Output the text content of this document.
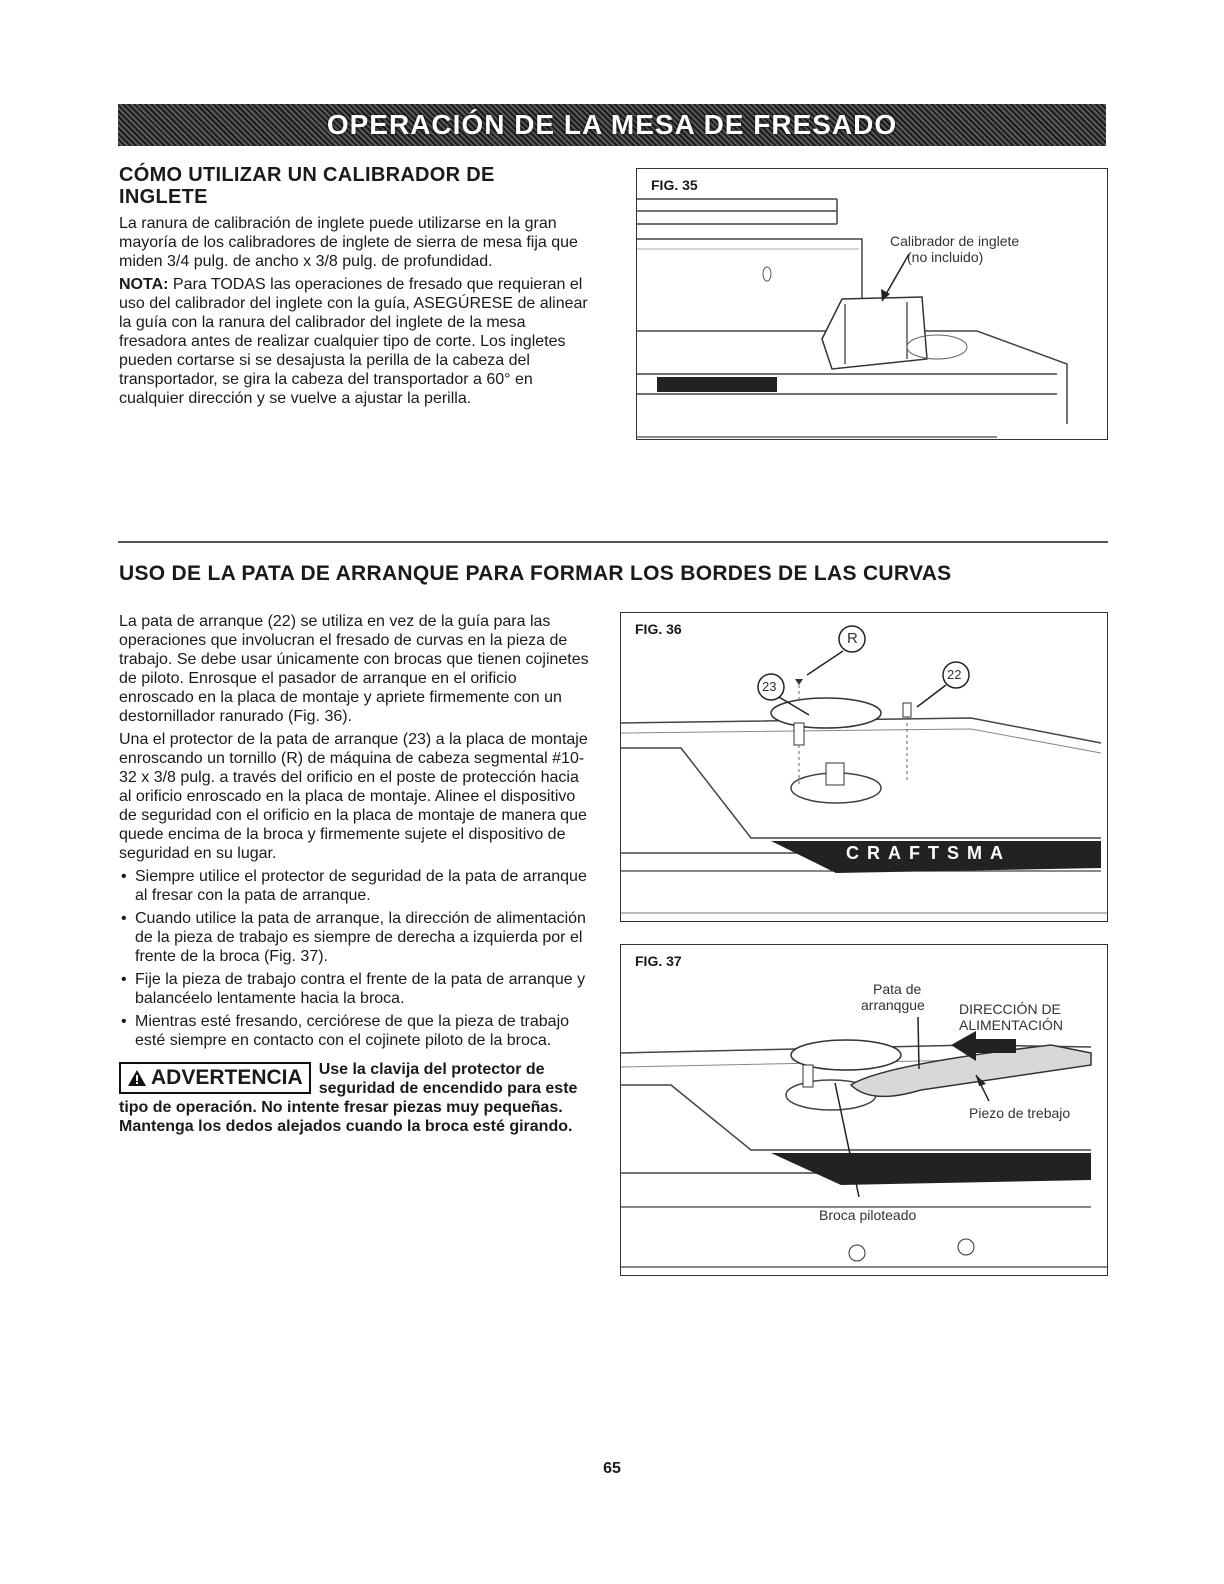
OPERACIÓN DE LA MESA DE FRESADO
CÓMO UTILIZAR UN CALIBRADOR DE INGLETE

La ranura de calibración de inglete puede utilizarse en la gran mayoría de los calibradores de inglete de sierra de mesa fija que miden 3/4 pulg. de ancho x 3/8 pulg. de profundidad.

NOTA: Para TODAS las operaciones de fresado que requieran el uso del calibrador del inglete con la guía, ASEGÚRESE de alinear la guía con la ranura del calibrador del inglete de la mesa fresadora antes de realizar cualquier tipo de corte. Los ingletes pueden cortarse si se desajusta la perilla de la cabeza del transportador, se gira la cabeza del transportador a 60° en cualquier dirección y se vuelve a ajustar la perilla.

FIG. 35
Calibrador de inglete
(no incluido)
USO DE LA PATA DE ARRANQUE PARA FORMAR LOS BORDES DE LAS CURVAS

La pata de arranque (22) se utiliza en vez de la guía para las operaciones que involucran el fresado de curvas en la pieza de trabajo. Se debe usar únicamente con brocas que tienen cojinetes de piloto. Enrosque el pasador de arranque en el orificio enroscado en la placa de montaje y apriete firmemente con un destornillador ranurado (Fig. 36).

Una el protector de la pata de arranque (23) a la placa de montaje enroscando un tornillo (R) de máquina de cabeza segmental #10-32 x 3/8 pulg. a través del orificio en el poste de protección hacia al orificio enroscado en la placa de montaje. Alinee el dispositivo de seguridad con el orificio en la placa de montaje de manera que quede encima de la broca y firmemente sujete el dispositivo de seguridad en su lugar.

• Siempre utilice el protector de seguridad de la pata de arranque al fresar con la pata de arranque.
• Cuando utilice la pata de arranque, la dirección de alimentación de la pieza de trabajo es siempre de derecha a izquierda por el frente de la broca (Fig. 37).
• Fije la pieza de trabajo contra el frente de la pata de arranque y balancéelo lentamente hacia la broca.
• Mientras esté fresando, cerciórese de que la pieza de trabajo esté siempre en contacto con el cojinete piloto de la broca.
ADVERTENCIA Use la clavija del protector de seguridad de encendido para este tipo de operación. No intente fresar piezas muy pequeñas. Mantenga los dedos alejados cuando la broca esté girando.
FIG. 36
R
23
22
CRAFTSMA
FIG. 37
Pata de
arranqgue DIRECCIÓN DE
ALIMENTACIÓN
Piezo de trebajo
Broca piloteado
65
